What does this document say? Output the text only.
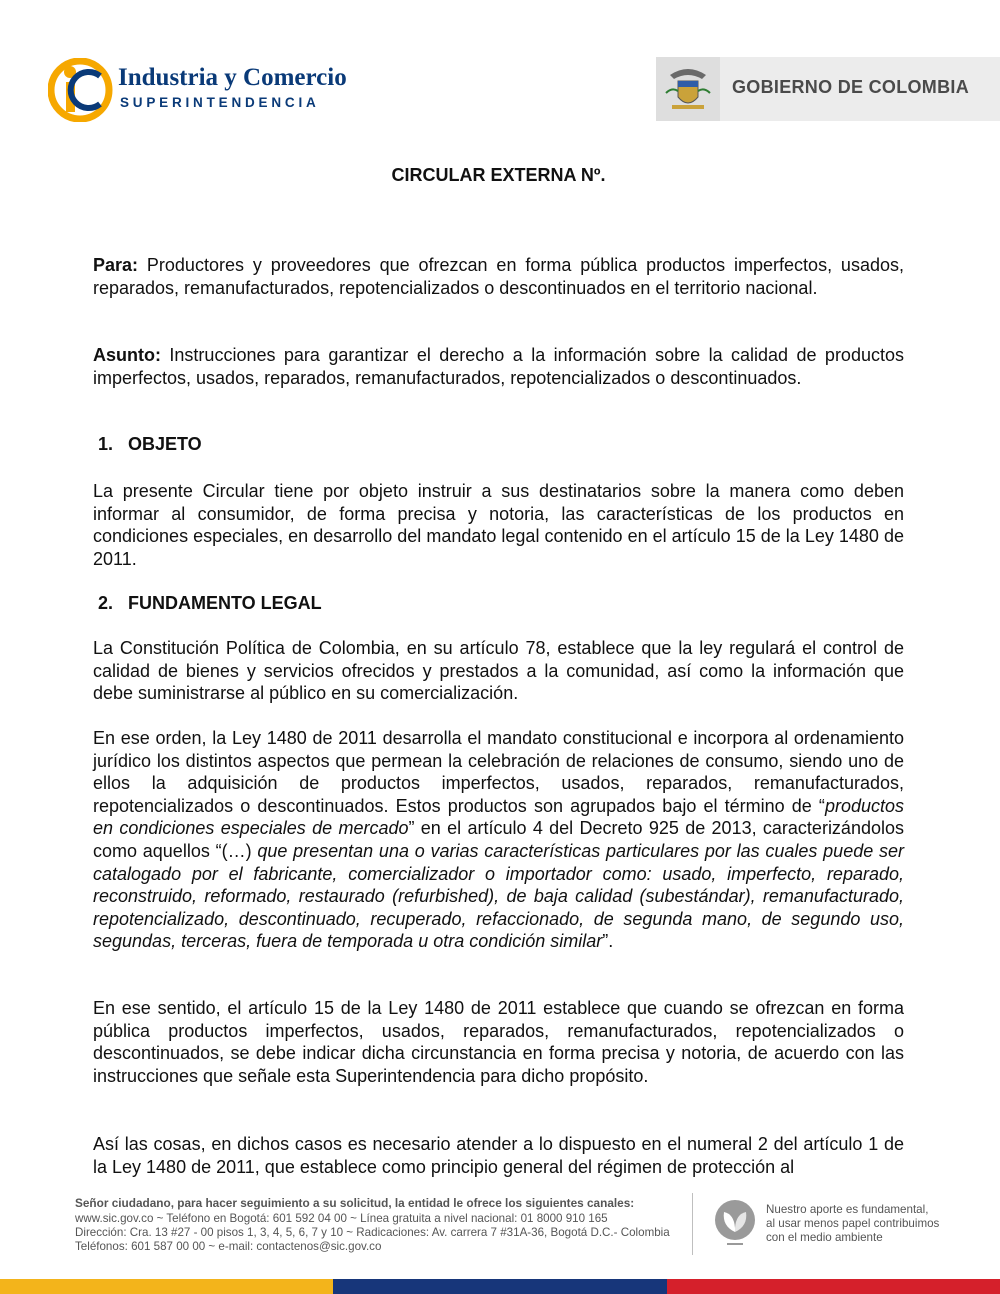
Industria y Comercio
SUPERINTENDENCIA
GOBIERNO DE COLOMBIA
CIRCULAR EXTERNA Nº.
Para: Productores y proveedores que ofrezcan en forma pública productos imperfectos, usados, reparados, remanufacturados, repotencializados o descontinuados en el territorio nacional.
Asunto: Instrucciones para garantizar el derecho a la información sobre la calidad de productos imperfectos, usados, reparados, remanufacturados, repotencializados o descontinuados.
1. OBJETO
La presente Circular tiene por objeto instruir a sus destinatarios sobre la manera como deben informar al consumidor, de forma precisa y notoria, las características de los productos en condiciones especiales, en desarrollo del mandato legal contenido en el artículo 15 de la Ley 1480 de 2011.
2. FUNDAMENTO LEGAL
La Constitución Política de Colombia, en su artículo 78, establece que la ley regulará el control de calidad de bienes y servicios ofrecidos y prestados a la comunidad, así como la información que debe suministrarse al público en su comercialización.
En ese orden, la Ley 1480 de 2011 desarrolla el mandato constitucional e incorpora al ordenamiento jurídico los distintos aspectos que permean la celebración de relaciones de consumo, siendo uno de ellos la adquisición de productos imperfectos, usados, reparados, remanufacturados, repotencializados o descontinuados. Estos productos son agrupados bajo el término de “productos en condiciones especiales de mercado” en el artículo 4 del Decreto 925 de 2013, caracterizándolos como aquellos “(…) que presentan una o varias características particulares por las cuales puede ser catalogado por el fabricante, comercializador o importador como: usado, imperfecto, reparado, reconstruido, reformado, restaurado (refurbished), de baja calidad (subestándar), remanufacturado, repotencializado, descontinuado, recuperado, refaccionado, de segunda mano, de segundo uso, segundas, terceras, fuera de temporada u otra condición similar”.
En ese sentido, el artículo 15 de la Ley 1480 de 2011 establece que cuando se ofrezcan en forma pública productos imperfectos, usados, reparados, remanufacturados, repotencializados o descontinuados, se debe indicar dicha circunstancia en forma precisa y notoria, de acuerdo con las instrucciones que señale esta Superintendencia para dicho propósito.
Así las cosas, en dichos casos es necesario atender a lo dispuesto en el numeral 2 del artículo 1 de la Ley 1480 de 2011, que establece como principio general del régimen de protección al
Señor ciudadano, para hacer seguimiento a su solicitud, la entidad le ofrece los siguientes canales:
www.sic.gov.co ~ Teléfono en Bogotá: 601 592 04 00 ~ Línea gratuita a nivel nacional: 01 8000 910 165
Dirección: Cra. 13 #27 - 00 pisos 1, 3, 4, 5, 6, 7 y 10 ~ Radicaciones: Av. carrera 7 #31A-36, Bogotá D.C.- Colombia
Teléfonos: 601 587 00 00 ~ e-mail: contactenos@sic.gov.co
Nuestro aporte es fundamental,
al usar menos papel contribuimos
con el medio ambiente
